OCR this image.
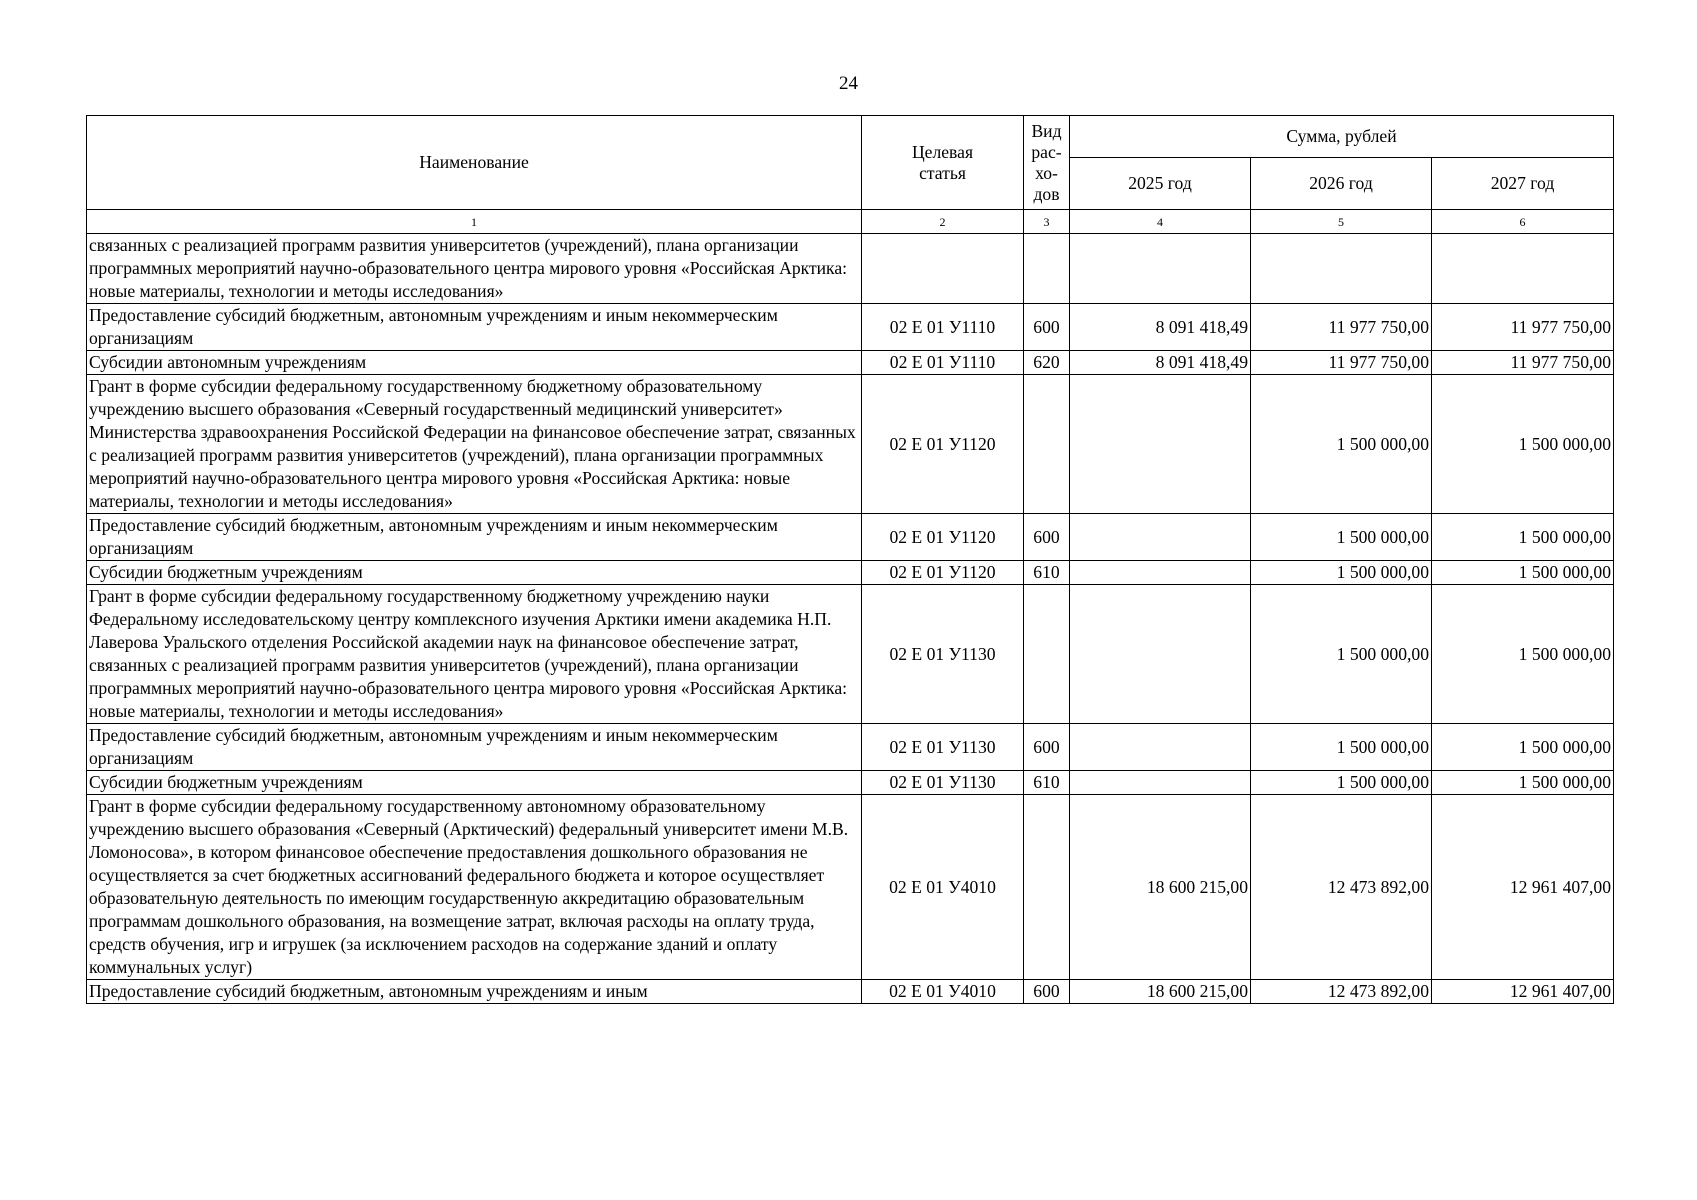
24
Наименование	Целевая статья	Вид
рас-
хо-
дов	Сумма, рублей		
			2025 год	2026 год	2027 год
1	2	3	4	5	6
связанных с реализацией программ развития университетов (учреждений), плана организации программных мероприятий научно-образовательного центра мирового уровня «Российская Арктика: новые материалы, технологии и методы исследования»					
Предоставление субсидий бюджетным, автономным учреждениям и иным некоммерческим организациям	02 Е 01 У1110	600	8 091 418,49	11 977 750,00	11 977 750,00
Субсидии автономным учреждениям	02 Е 01 У1110	620	8 091 418,49	11 977 750,00	11 977 750,00
Грант в форме субсидии федеральному государственному бюджетному образовательному учреждению высшего образования «Северный государственный медицинский университет» Министерства здравоохранения Российской Федерации на финансовое обеспечение затрат, связанных с реализацией программ развития университетов (учреждений), плана организации программных мероприятий научно-образовательного центра мирового уровня «Российская Арктика: новые материалы, технологии и методы исследования»	02 Е 01 У1120			1 500 000,00	1 500 000,00
Предоставление субсидий бюджетным, автономным учреждениям и иным некоммерческим организациям	02 Е 01 У1120	600		1 500 000,00	1 500 000,00
Субсидии бюджетным учреждениям	02 Е 01 У1120	610		1 500 000,00	1 500 000,00
Грант в форме субсидии федеральному государственному бюджетному учреждению науки Федеральному исследовательскому центру комплексного изучения Арктики имени академика Н.П. Лаверова Уральского отделения Российской академии наук на финансовое обеспечение затрат, связанных с реализацией программ развития университетов (учреждений), плана организации программных мероприятий научно-образовательного центра мирового уровня «Российская Арктика: новые материалы, технологии и методы исследования»	02 Е 01 У1130			1 500 000,00	1 500 000,00
Предоставление субсидий бюджетным, автономным учреждениям и иным некоммерческим организациям	02 Е 01 У1130	600		1 500 000,00	1 500 000,00
Субсидии бюджетным учреждениям	02 Е 01 У1130	610		1 500 000,00	1 500 000,00
Грант в форме субсидии федеральному государственному автономному образовательному учреждению высшего образования «Северный (Арктический) федеральный университет имени М.В. Ломоносова», в котором финансовое обеспечение предоставления дошкольного образования не осуществляется за счет бюджетных ассигнований федерального бюджета и которое осуществляет образовательную деятельность по имеющим государственную аккредитацию образовательным программам дошкольного образования, на возмещение затрат, включая расходы на оплату труда, средств обучения, игр и игрушек (за исключением расходов на содержание зданий и оплату коммунальных услуг)	02 Е 01 У4010		18 600 215,00	12 473 892,00	12 961 407,00
Предоставление субсидий бюджетным, автономным учреждениям и иным	02 Е 01 У4010	600	18 600 215,00	12 473 892,00	12 961 407,00
